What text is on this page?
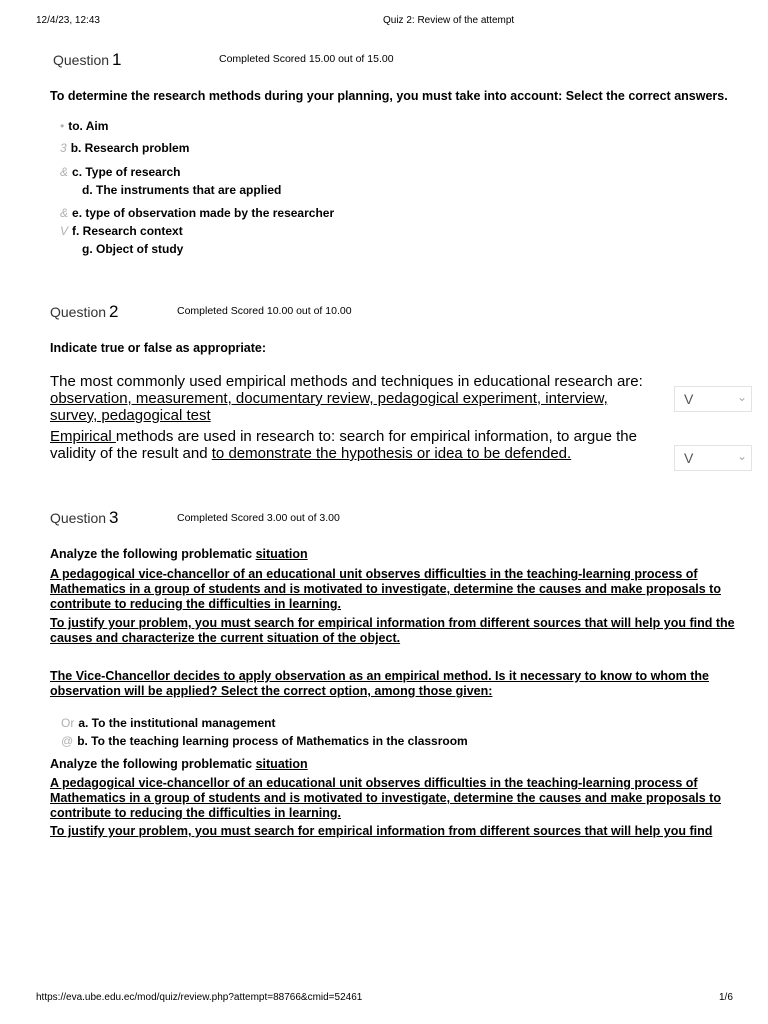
12/4/23, 12:43	Quiz 2: Review of the attempt
Question 1	Completed Scored 15.00 out of 15.00
To determine the research methods during your planning, you must take into account: Select the correct answers.
• to. Aim
3 b. Research problem
& c. Type of research
d. The instruments that are applied
& e. type of observation made by the researcher
V f. Research context
g. Object of study
Question 2	Completed Scored 10.00 out of 10.00
Indicate true or false as appropriate:
The most commonly used empirical methods and techniques in educational research are:
observation, measurement, documentary review, pedagogical experiment, interview,
survey, pedagogical test
V	⌄
Empirical methods are used in research to: search for empirical information, to argue the
validity of the result and to demonstrate the hypothesis or idea to be defended.	V	⌄
Question 3	Completed Scored 3.00 out of 3.00
Analyze the following problematic situation
A pedagogical vice-chancellor of an educational unit observes difficulties in the teaching-learning process of Mathematics in a group of students and is motivated to investigate, determine the causes and make proposals to contribute to reducing the difficulties in learning.
To justify your problem, you must search for empirical information from different sources that will help you find the causes and characterize the current situation of the object.
The Vice-Chancellor decides to apply observation as an empirical method. Is it necessary to know to whom the observation will be applied? Select the correct option, among those given:
Or a. To the institutional management
@ b. To the teaching learning process of Mathematics in the classroom
Analyze the following problematic situation
A pedagogical vice-chancellor of an educational unit observes difficulties in the teaching-learning process of Mathematics in a group of students and is motivated to investigate, determine the causes and make proposals to contribute to reducing the difficulties in learning.
To justify your problem, you must search for empirical information from different sources that will help you find
https://eva.ube.edu.ec/mod/quiz/review.php?attempt=88766&cmid=52461	1/6
